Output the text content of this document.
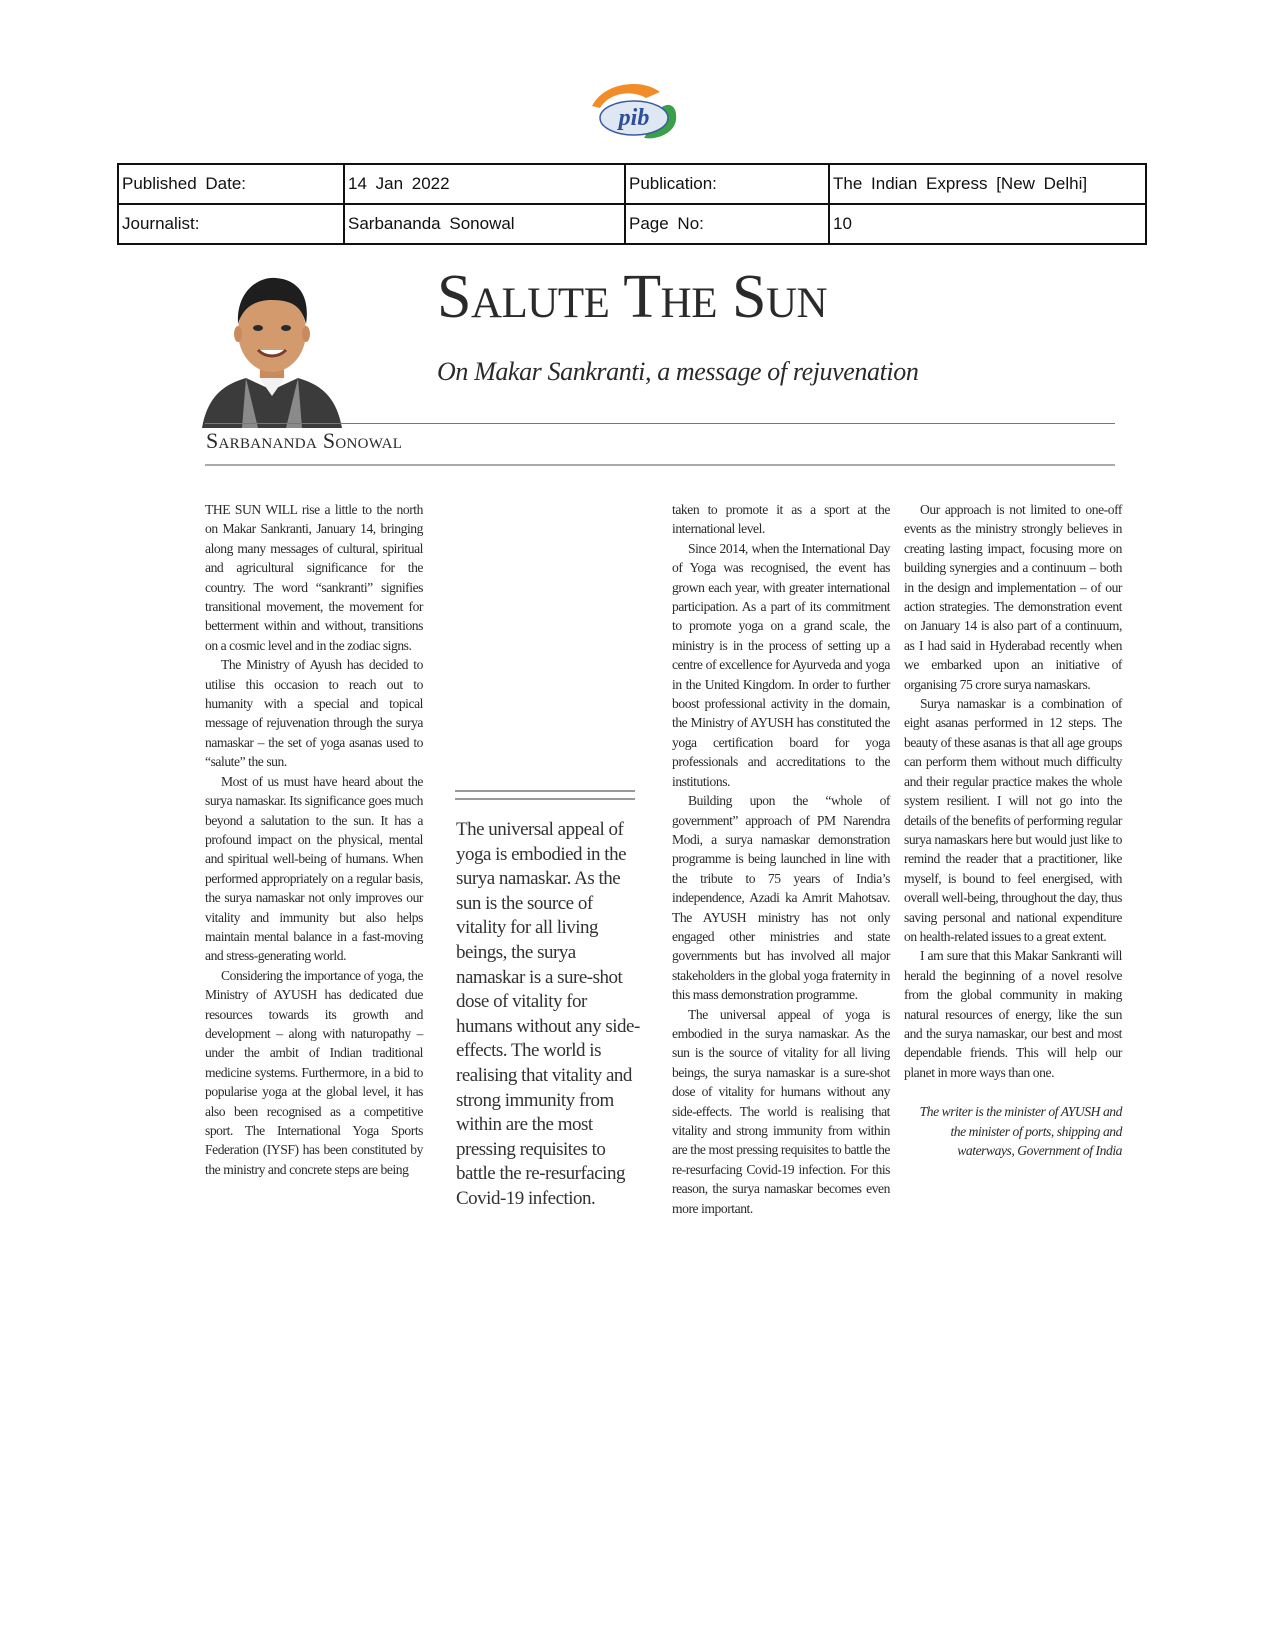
pib
Published Date:	14 Jan 2022	Publication:	The Indian Express [New Delhi]
Journalist:	Sarbananda Sonowal	Page No:	10
Salute The Sun
On Makar Sankranti, a message of rejuvenation
Sarbananda Sonowal

THE SUN WILL rise a little to the north on Makar Sankranti, January 14, bringing along many messages of cultural, spiritual and agricultural significance for the country. The word “sankranti” signifies transitional movement, the movement for betterment within and without, transitions on a cosmic level and in the zodiac signs.

The Ministry of Ayush has decided to utilise this occasion to reach out to humanity with a special and topical message of rejuvenation through the surya namaskar – the set of yoga asanas used to “salute” the sun.

Most of us must have heard about the surya namaskar. Its significance goes much beyond a salutation to the sun. It has a profound impact on the physical, mental and spiritual well-being of humans. When performed appropriately on a regular basis, the surya namaskar not only improves our vitality and immunity but also helps maintain mental balance in a fast-moving and stress-generating world.

Considering the importance of yoga, the Ministry of AYUSH has dedicated due resources towards its growth and development – along with naturopathy – under the ambit of Indian traditional medicine systems. Furthermore, in a bid to popularise yoga at the global level, it has also been recognised as a competitive sport. The International Yoga Sports Federation (IYSF) has been constituted by the ministry and concrete steps are being

The universal appeal of yoga is embodied in the surya namaskar. As the sun is the source of vitality for all living beings, the surya namaskar is a sure-shot dose of vitality for humans without any side-effects. The world is realising that vitality and strong immunity from within are the most pressing requisites to battle the re-resurfacing Covid-19 infection.

taken to promote it as a sport at the international level.

Since 2014, when the International Day of Yoga was recognised, the event has grown each year, with greater international participation. As a part of its commitment to promote yoga on a grand scale, the ministry is in the process of setting up a centre of excellence for Ayurveda and yoga in the United Kingdom. In order to further boost professional activity in the domain, the Ministry of AYUSH has constituted the yoga certification board for yoga professionals and accreditations to the institutions.

Building upon the “whole of government” approach of PM Narendra Modi, a surya namaskar demonstration programme is being launched in line with the tribute to 75 years of India’s independence, Azadi ka Amrit Mahotsav. The AYUSH ministry has not only engaged other ministries and state governments but has involved all major stakeholders in the global yoga fraternity in this mass demonstration programme.

The universal appeal of yoga is embodied in the surya namaskar. As the sun is the source of vitality for all living beings, the surya namaskar is a sure-shot dose of vitality for humans without any side-effects. The world is realising that vitality and strong immunity from within are the most pressing requisites to battle the re-resurfacing Covid-19 infection. For this reason, the surya namaskar becomes even more important.

Our approach is not limited to one-off events as the ministry strongly believes in creating lasting impact, focusing more on building synergies and a continuum – both in the design and implementation – of our action strategies. The demonstration event on January 14 is also part of a continuum, as I had said in Hyderabad recently when we embarked upon an initiative of organising 75 crore surya namaskars.

Surya namaskar is a combination of eight asanas performed in 12 steps. The beauty of these asanas is that all age groups can perform them without much difficulty and their regular practice makes the whole system resilient. I will not go into the details of the benefits of performing regular surya namaskars here but would just like to remind the reader that a practitioner, like myself, is bound to feel energised, with overall well-being, throughout the day, thus saving personal and national expenditure on health-related issues to a great extent.

I am sure that this Makar Sankranti will herald the beginning of a novel resolve from the global community in making natural resources of energy, like the sun and the surya namaskar, our best and most dependable friends. This will help our planet in more ways than one.

The writer is the minister of AYUSH and the minister of ports, shipping and waterways, Government of India
